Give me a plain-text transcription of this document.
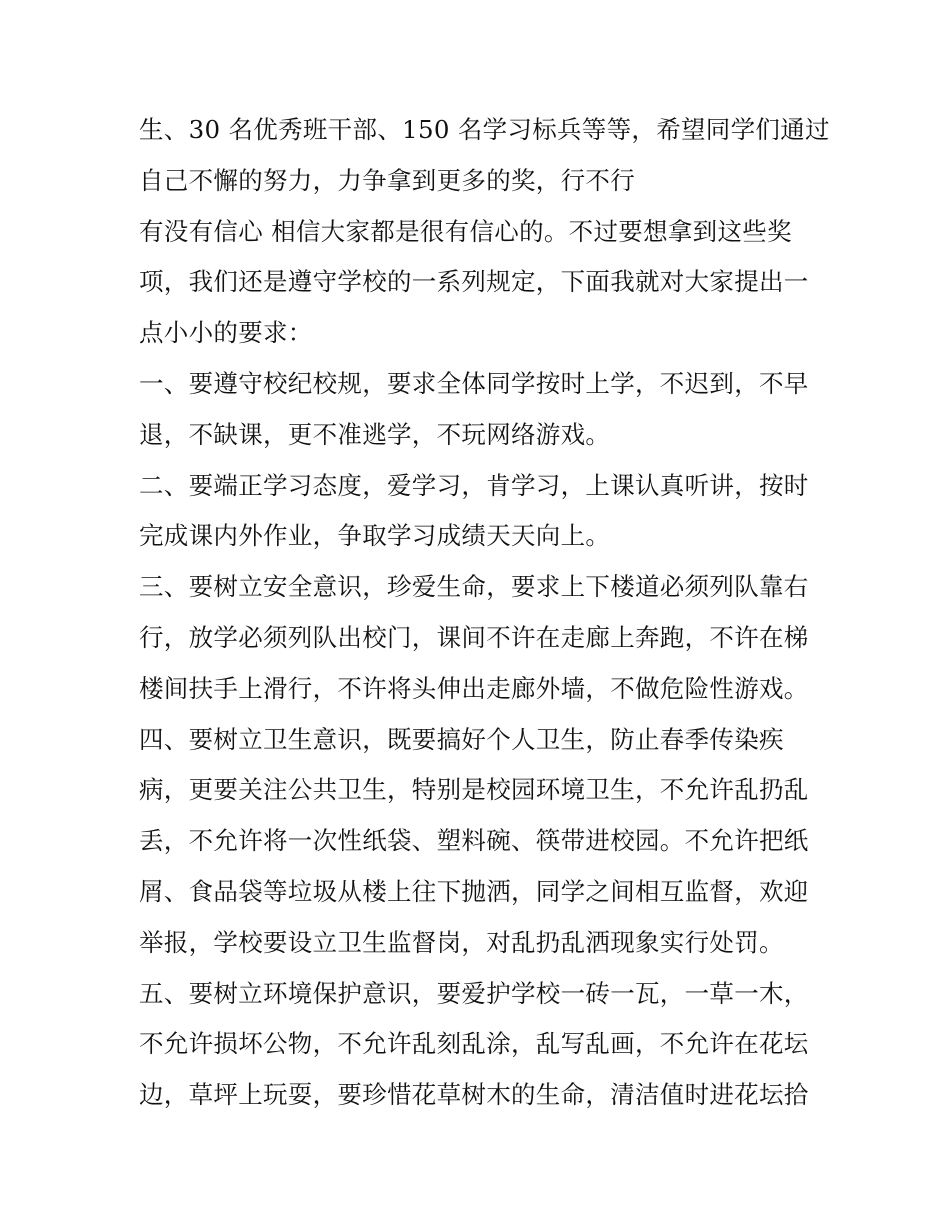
生、30 名优秀班干部、150 名学习标兵等等，希望同学们通过
自己不懈的努力，力争拿到更多的奖，行不行
有没有信心 相信大家都是很有信心的。不过要想拿到这些奖
项，我们还是遵守学校的一系列规定，下面我就对大家提出一
点小小的要求：
一、要遵守校纪校规，要求全体同学按时上学，不迟到，不早
退，不缺课，更不准逃学，不玩网络游戏。
二、要端正学习态度，爱学习，肯学习，上课认真听讲，按时
完成课内外作业，争取学习成绩天天向上。
三、要树立安全意识，珍爱生命，要求上下楼道必须列队靠右
行，放学必须列队出校门，课间不许在走廊上奔跑，不许在梯
楼间扶手上滑行，不许将头伸出走廊外墙，不做危险性游戏。
四、要树立卫生意识，既要搞好个人卫生，防止春季传染疾
病，更要关注公共卫生，特别是校园环境卫生，不允许乱扔乱
丢，不允许将一次性纸袋、塑料碗、筷带进校园。不允许把纸
屑、食品袋等垃圾从楼上往下抛洒，同学之间相互监督，欢迎
举报，学校要设立卫生监督岗，对乱扔乱洒现象实行处罚。
五、要树立环境保护意识，要爱护学校一砖一瓦，一草一木，
不允许损坏公物，不允许乱刻乱涂，乱写乱画，不允许在花坛
边，草坪上玩耍，要珍惜花草树木的生命，清洁值时进花坛拾
